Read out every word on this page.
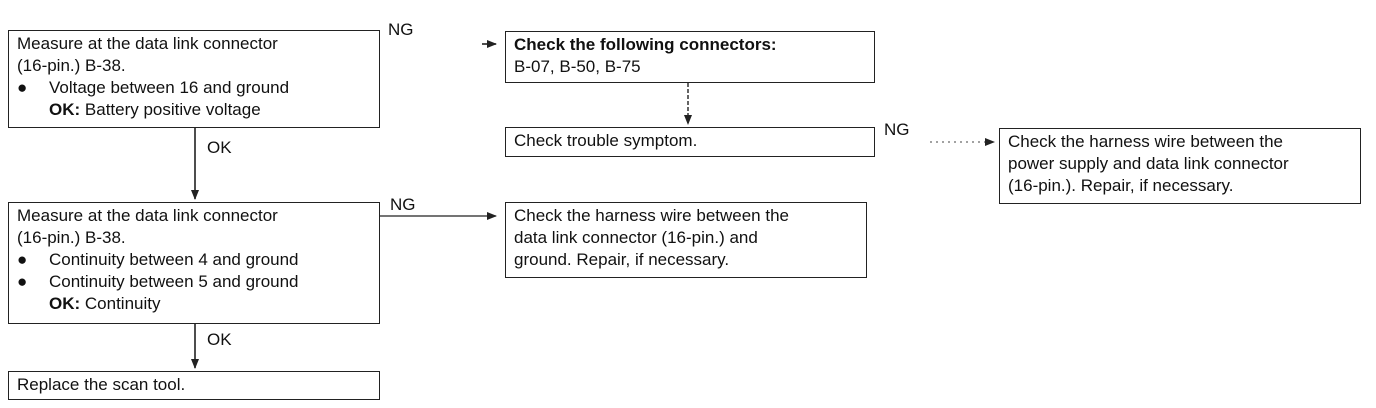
Measure at the data link connector

(16-pin.) B-38.

●	Voltage between 16 and ground

OK: Battery positive voltage

Measure at the data link connector

(16-pin.) B-38.

●	Continuity between 4 and ground
●	Continuity between 5 and ground

OK: Continuity

Replace the scan tool.

Check the following connectors:

B-07, B-50, B-75

Check trouble symptom.

Check the harness wire between the

data link connector (16-pin.) and

ground. Repair, if necessary.

Check the harness wire between the

power supply and data link connector

(16-pin.). Repair, if necessary.

NG
OK
NG
OK
NG
